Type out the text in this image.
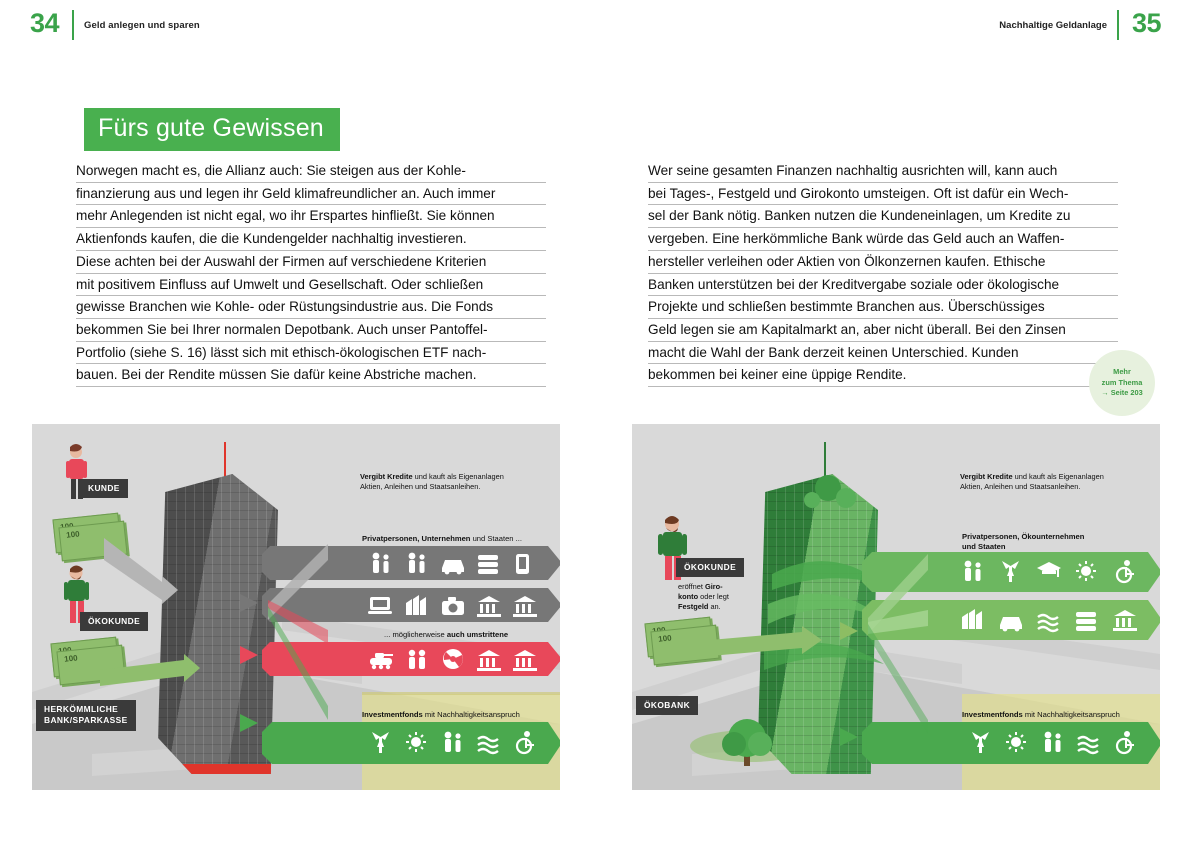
34	Geld anlegen und sparen	Nachhaltige Geldanlage 35
Fürs gute Gewissen

Norwegen macht es, die Allianz auch: Sie steigen aus der Kohle-
finanzierung aus und legen ihr Geld klimafreundlicher an. Auch immer
mehr Anlegenden ist nicht egal, wo ihr Erspartes hinfließt. Sie können
Aktienfonds kaufen, die die Kundengelder nachhaltig investieren.
Diese achten bei der Auswahl der Firmen auf verschiedene Kriterien
mit positivem Einfluss auf Umwelt und Gesellschaft. Oder schließen
gewisse Branchen wie Kohle- oder Rüstungsindustrie aus. Die Fonds
bekommen Sie bei Ihrer normalen Depotbank. Auch unser Pantoffel-
Portfolio (siehe S. 16) lässt sich mit ethisch-ökologischen ETF nach-
bauen. Bei der Rendite müssen Sie dafür keine Abstriche machen.

Wer seine gesamten Finanzen nachhaltig ausrichten will, kann auch
bei Tages-, Festgeld und Girokonto umsteigen. Oft ist dafür ein Wech-
sel der Bank nötig. Banken nutzen die Kundeneinlagen, um Kredite zu
vergeben. Eine herkömmliche Bank würde das Geld auch an Waffen-
hersteller verleihen oder Aktien von Ölkonzernen kaufen. Ethische
Banken unterstützen bei der Kreditvergabe soziale oder ökologische
Projekte und schließen bestimmte Branchen aus. Überschüssiges
Geld legen sie am Kapitalmarkt an, aber nicht überall. Bei den Zinsen
macht die Wahl der Bank derzeit keinen Unterschied. Kunden
bekommen bei keiner eine üppige Rendite.	Mehr
zum Thema
→ Seite 203
KUNDE
100
100
ÖKOKUNDE
100
100
HERKÖMMLICHE
BANK/SPARKASSE
Vergibt Kredite und kauft als Eigenanlagen
Aktien, Anleihen und Staatsanleihen.
Privatpersonen, Unternehmen und Staaten ...
... möglicherweise auch umstrittene
Investmentfonds mit Nachhaltigkeitsanspruch
ÖKOKUNDE
eröffnet Giro-
konto oder legt
Festgeld an.
100
100
ÖKOBANK
Vergibt Kredite und kauft als Eigenanlagen
Aktien, Anleihen und Staatsanleihen.
Privatpersonen, Ökounternehmen
und Staaten
Investmentfonds mit Nachhaltigkeitsanspruch
